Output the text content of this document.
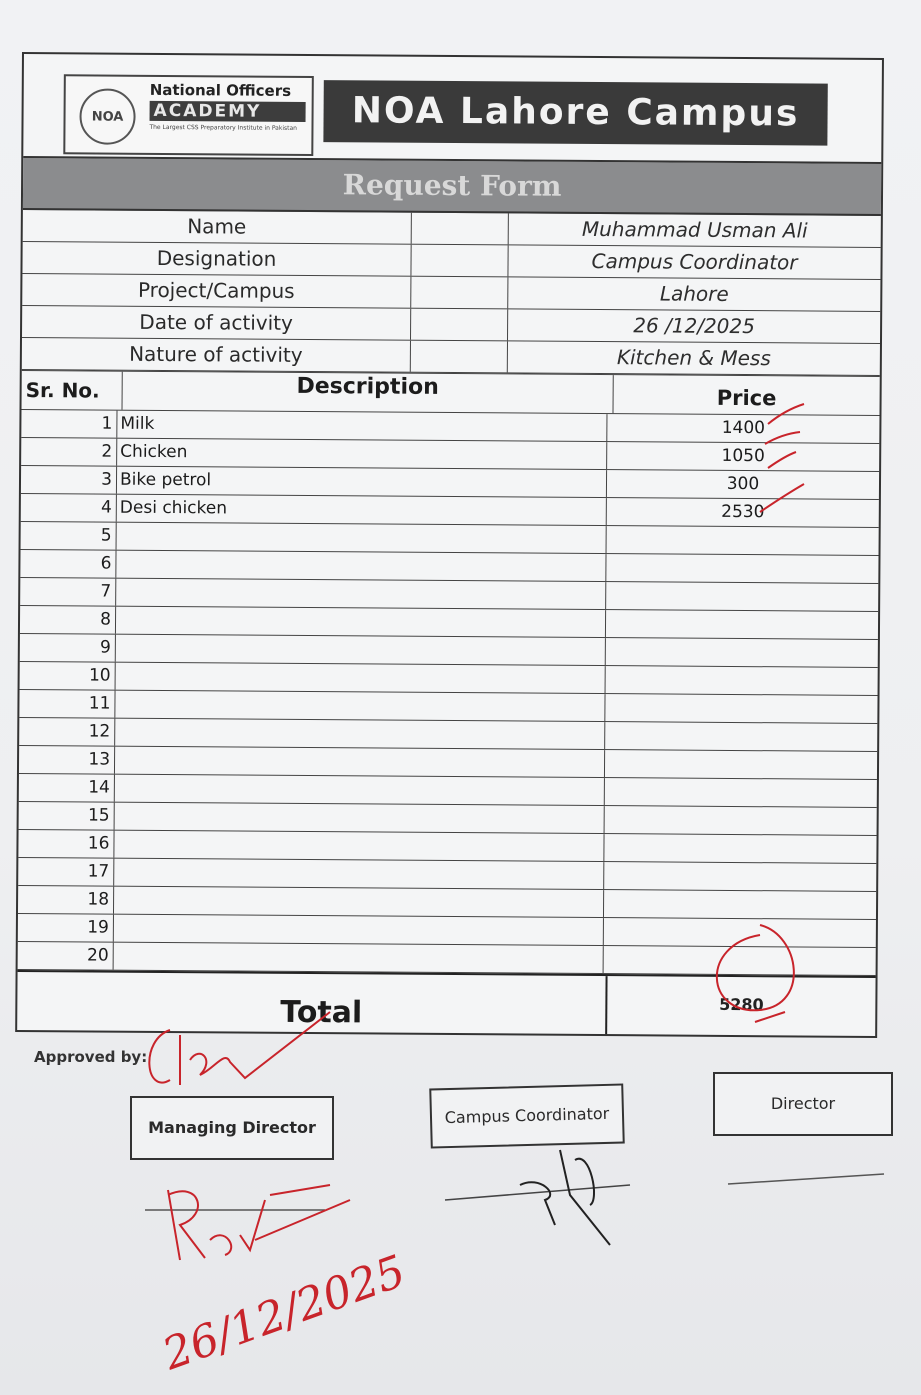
NOA
National Officers
ACADEMY
The Largest CSS Preparatory Institute in Pakistan	NOA Lahore Campus
Request Form
Name	Muhammad Usman Ali
Designation	Campus Coordinator
Project/Campus	Lahore
Date of activity	26 /12/2025
Nature of activity	Kitchen & Mess
Sr. No.	Description	Price
1 Milk	1400
2 Chicken	1050
3 Bike petrol	300
4 Desi chicken	2530
5
6
7
8
9
10
11
12
13
14
15
16
17
18
19
20
Total	5280
Approved by:
Managing Director
Campus Coordinator
Director
26/12/2025
